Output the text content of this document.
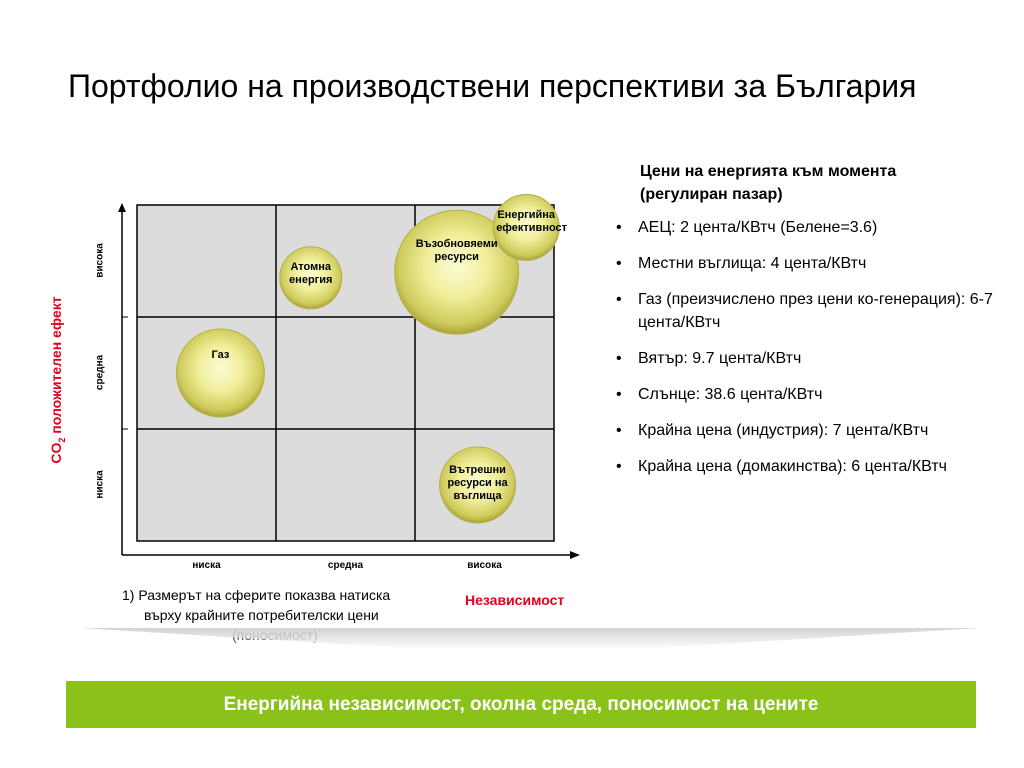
Портфолио на производствени перспективи за България
$CO_2$ положителен ефект
ниска	средна	висока
ниска
средна
висока
Газ
Атомна енергия
Възобновяеми ресурси
Енергийна ефективност
Вътрешни ресурси на въглища
Независимост
1) Размерът на сферите показва натиска
върху крайните потребителски цени
Цени на енергията към момента (регулиран пазар)
• АЕЦ: 2 цента/КВтч (Белене=3.6)
• Местни въглища: 4 цента/КВтч
• Газ (преизчислено през цени ко-генерация): 6-7 цента/КВтч
• Вятър: 9.7 цента/КВтч
• Слънце: 38.6 цента/КВтч
• Крайна цена (индустрия): 7 цента/КВтч
• Крайна цена (домакинства): 6 цента/КВтч
Енергийна независимост, околна среда, поносимост на цените
